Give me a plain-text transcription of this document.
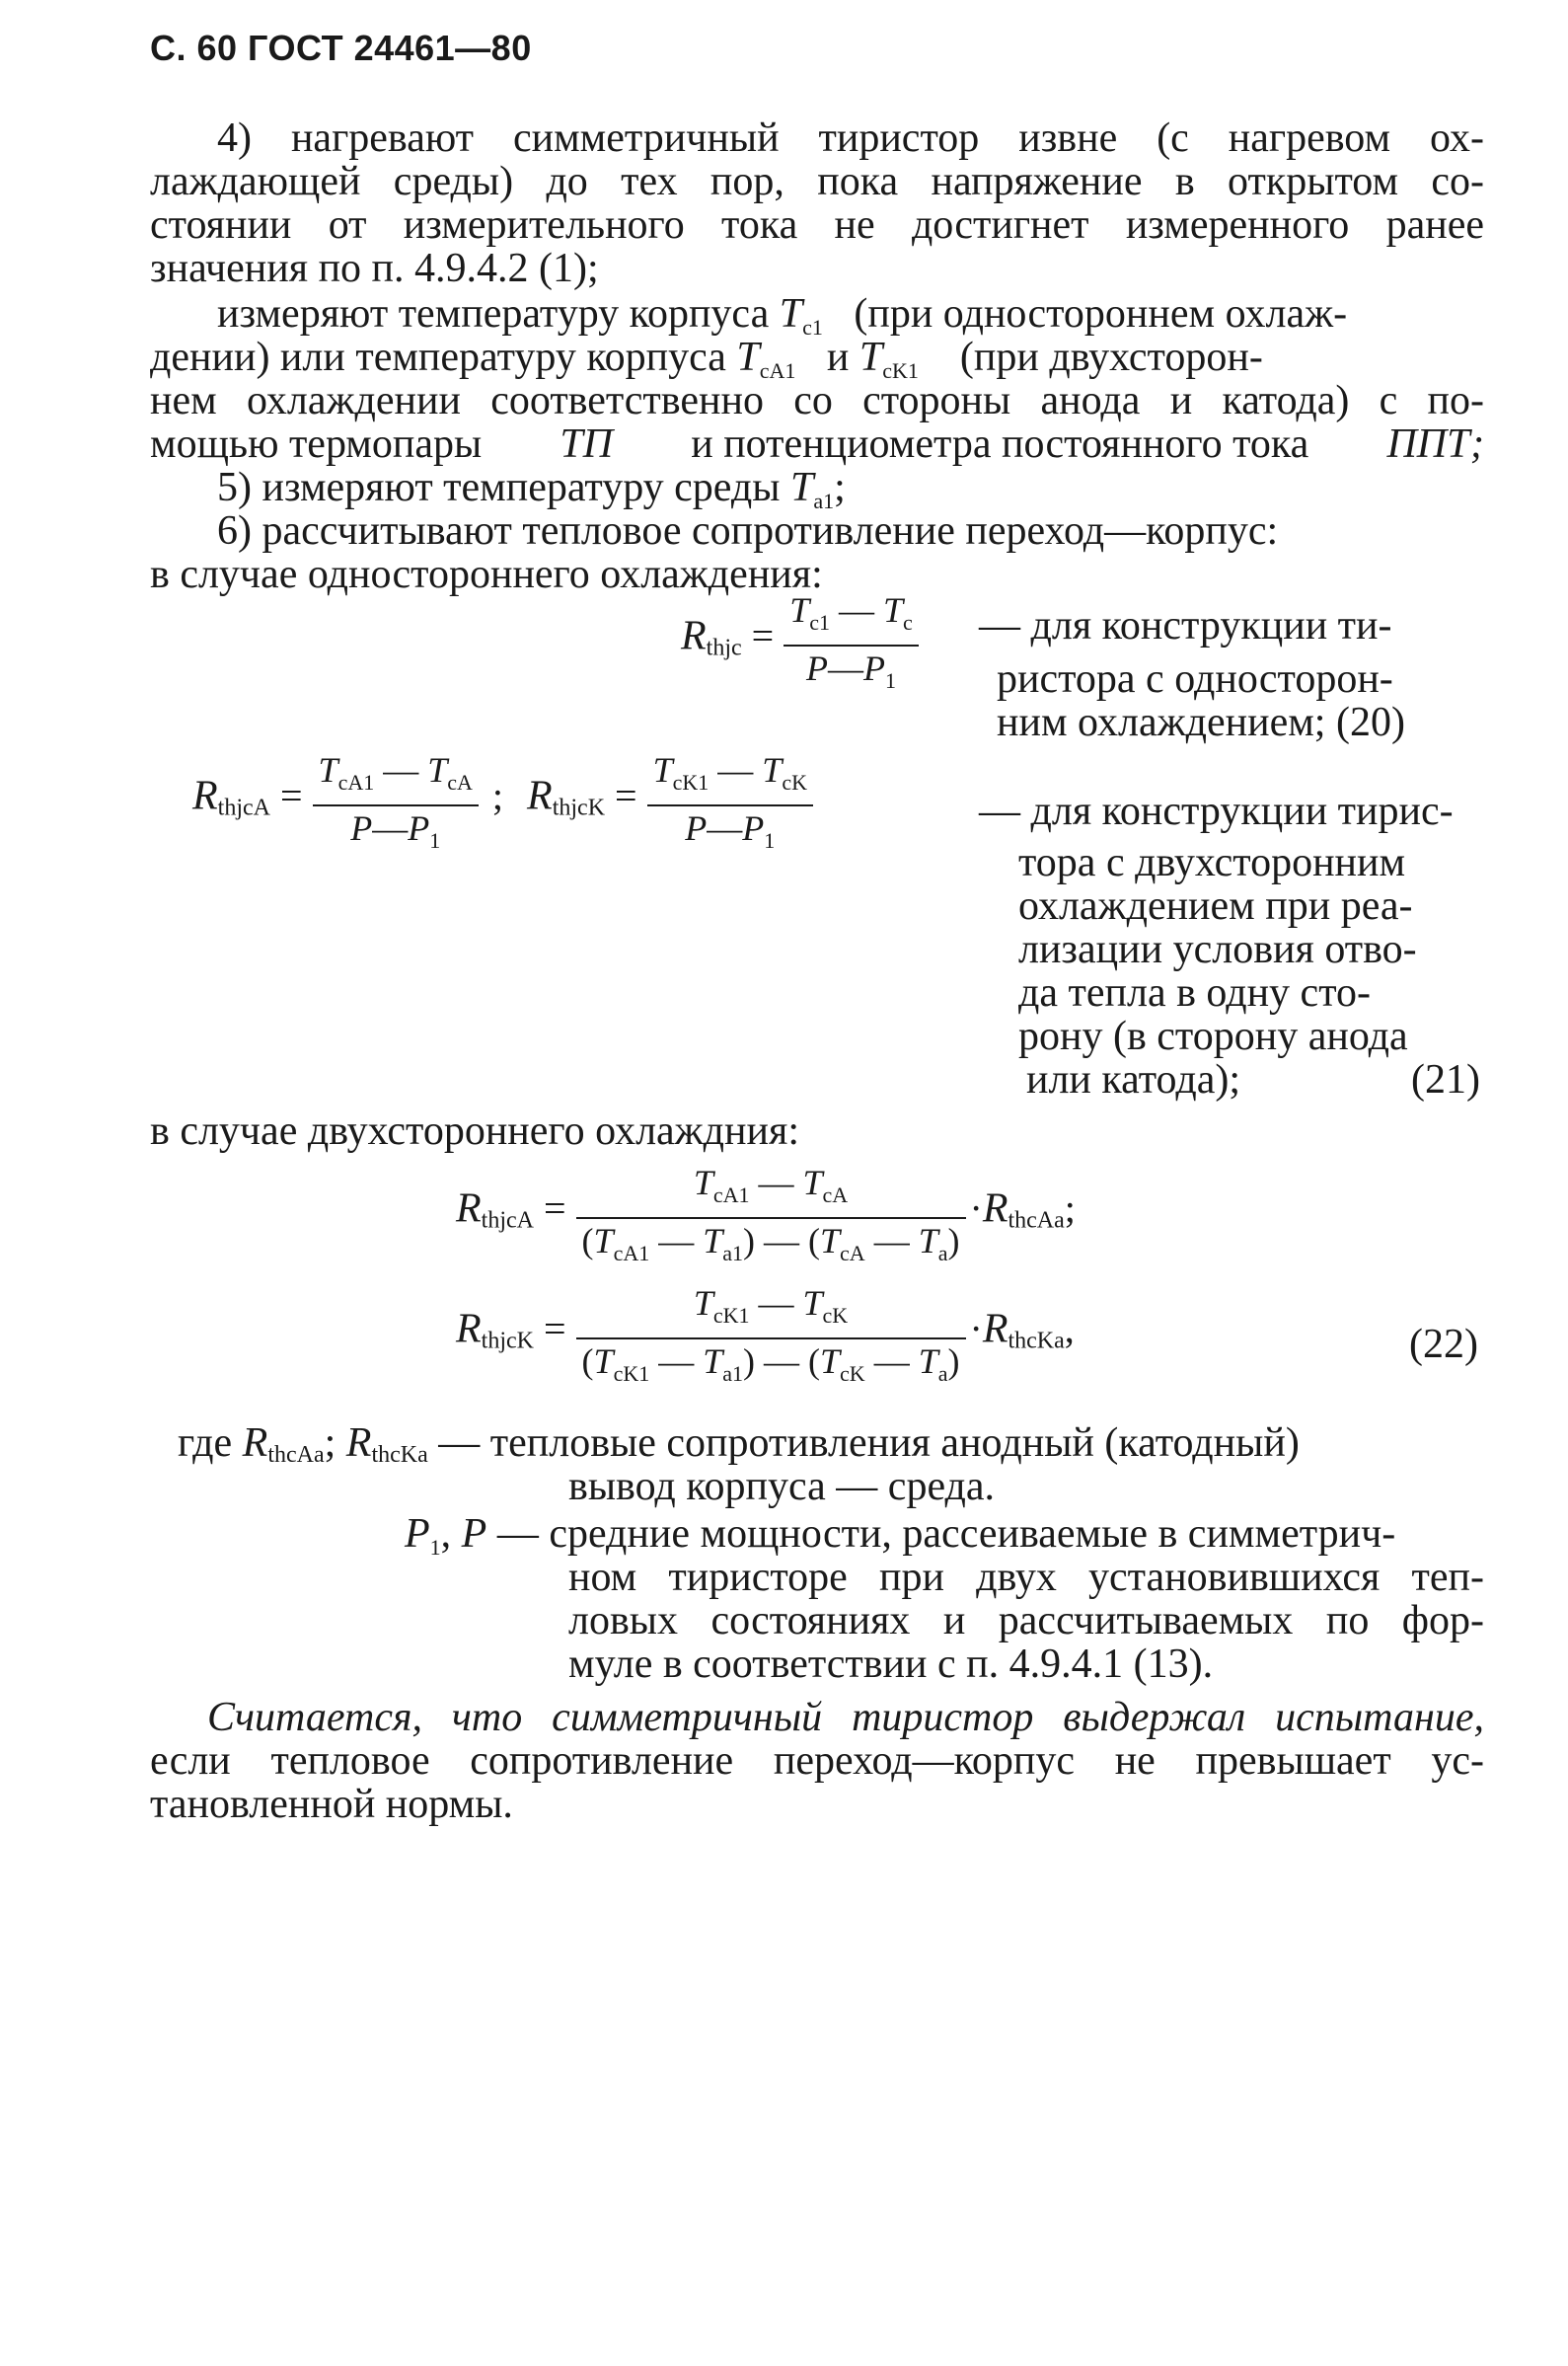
С. 60 ГОСТ 24461—80
4) нагревают симметричный тиристор извне (с нагревом ох-
лаждающей среды) до тех пор, пока напряжение в открытом со-
стоянии от измерительного тока не достигнет измеренного ранее
значения по п. 4.9.4.2 (1);
измеряют температуру корпуса $T_{c1}$ (при одностороннем охлаж-
дении) или температуру корпуса $T_{cA1}$ и $T_{cK1}$ (при двухсторон-
нем охлаждении соответственно со стороны анода и катода) с по-
мощью термопары ТП и потенциометра постоянного тока ППТ;
5) измеряют температуру среды $T_{a1}$;
6) рассчитывают тепловое сопротивление переход—корпус:
в случае одностороннего охлаждения:
Rthjc = $\frac{T_{c1} — T_c}{P—P_1}$ — для конструкции ти-
ристора с односторон-
ним охлаждением; (20)
RthjcA = $\frac{T_{cA1} — T_{cA}}{P—P_1}$ ;   RthjcK = $\frac{T_{cK1} — T_{cK}}{P—P_1}$	— для конструкции тирис-
тора с двухсторонним
охлаждением при реа-
лизации условия отво-
да тепла в одну сто-
рону (в сторону анода
или катода);	(21)
в случае двухстороннего охлаждния:
RthjcA = $\frac{T_{cA1} — T_{cA}}{(T_{cA1} — T_{a1}) — (T_{cA} — T_a)}$ ·RthcAa;
RthjcK = $\frac{T_{cK1} — T_{cK}}{(T_{cK1} — T_{a1}) — (T_{cK} — T_a)}$ ·RthcKa,	(22)
где RthcAa; RthcKa — тепловые сопротивления анодный (катодный)
вывод корпуса — среда.
$P_1$, P — средние мощности, рассеиваемые в симметрич-
ном тиристоре при двух установившихся теп-
ловых состояниях и рассчитываемых по фор-
муле в соответствии с п. 4.9.4.1 (13).
Считается, что симметричный тиристор выдержал испытание,
если тепловое сопротивление переход—корпус не превышает ус-
тановленной нормы.
